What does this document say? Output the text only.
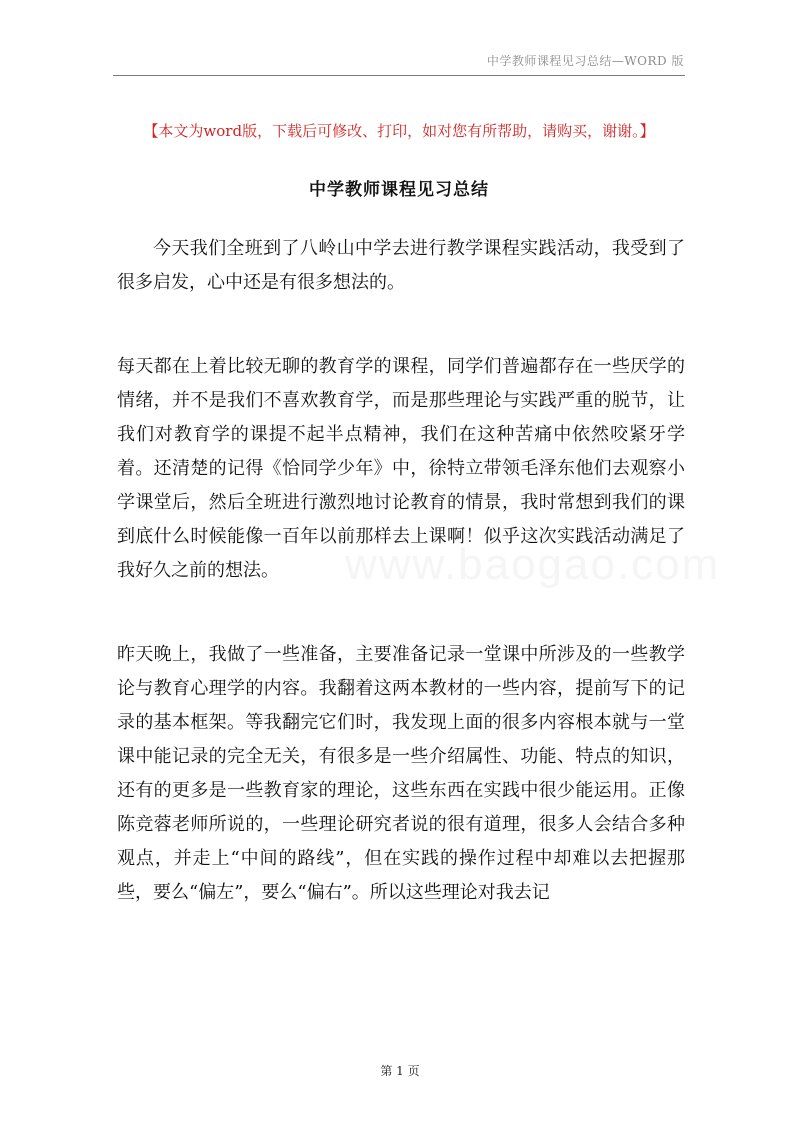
中学教师课程见习总结—WORD 版
【本文为word版，下载后可修改、打印，如对您有所帮助，请购买，谢谢。】
中学教师课程见习总结

今天我们全班到了八岭山中学去进行教学课程实践活动，我受到了很多启发，心中还是有很多想法的。

每天都在上着比较无聊的教育学的课程，同学们普遍都存在一些厌学的情绪，并不是我们不喜欢教育学，而是那些理论与实践严重的脱节，让我们对教育学的课提不起半点精神，我们在这种苦痛中依然咬紧牙学着。还清楚的记得《恰同学少年》中，徐特立带领毛泽东他们去观察小学课堂后，然后全班进行激烈地讨论教育的情景，我时常想到我们的课到底什么时候能像一百年以前那样去上课啊！似乎这次实践活动满足了我好久之前的想法。

昨天晚上，我做了一些准备，主要准备记录一堂课中所涉及的一些教学论与教育心理学的内容。我翻着这两本教材的一些内容，提前写下的记录的基本框架。等我翻完它们时，我发现上面的很多内容根本就与一堂课中能记录的完全无关，有很多是一些介绍属性、功能、特点的知识，还有的更多是一些教育家的理论，这些东西在实践中很少能运用。正像陈竞蓉老师所说的，一些理论研究者说的很有道理，很多人会结合多种观点，并走上“中间的路线”，但在实践的操作过程中却难以去把握那些，要么“偏左”，要么“偏右”。所以这些理论对我去记

www.baogao.com
第 1 页
